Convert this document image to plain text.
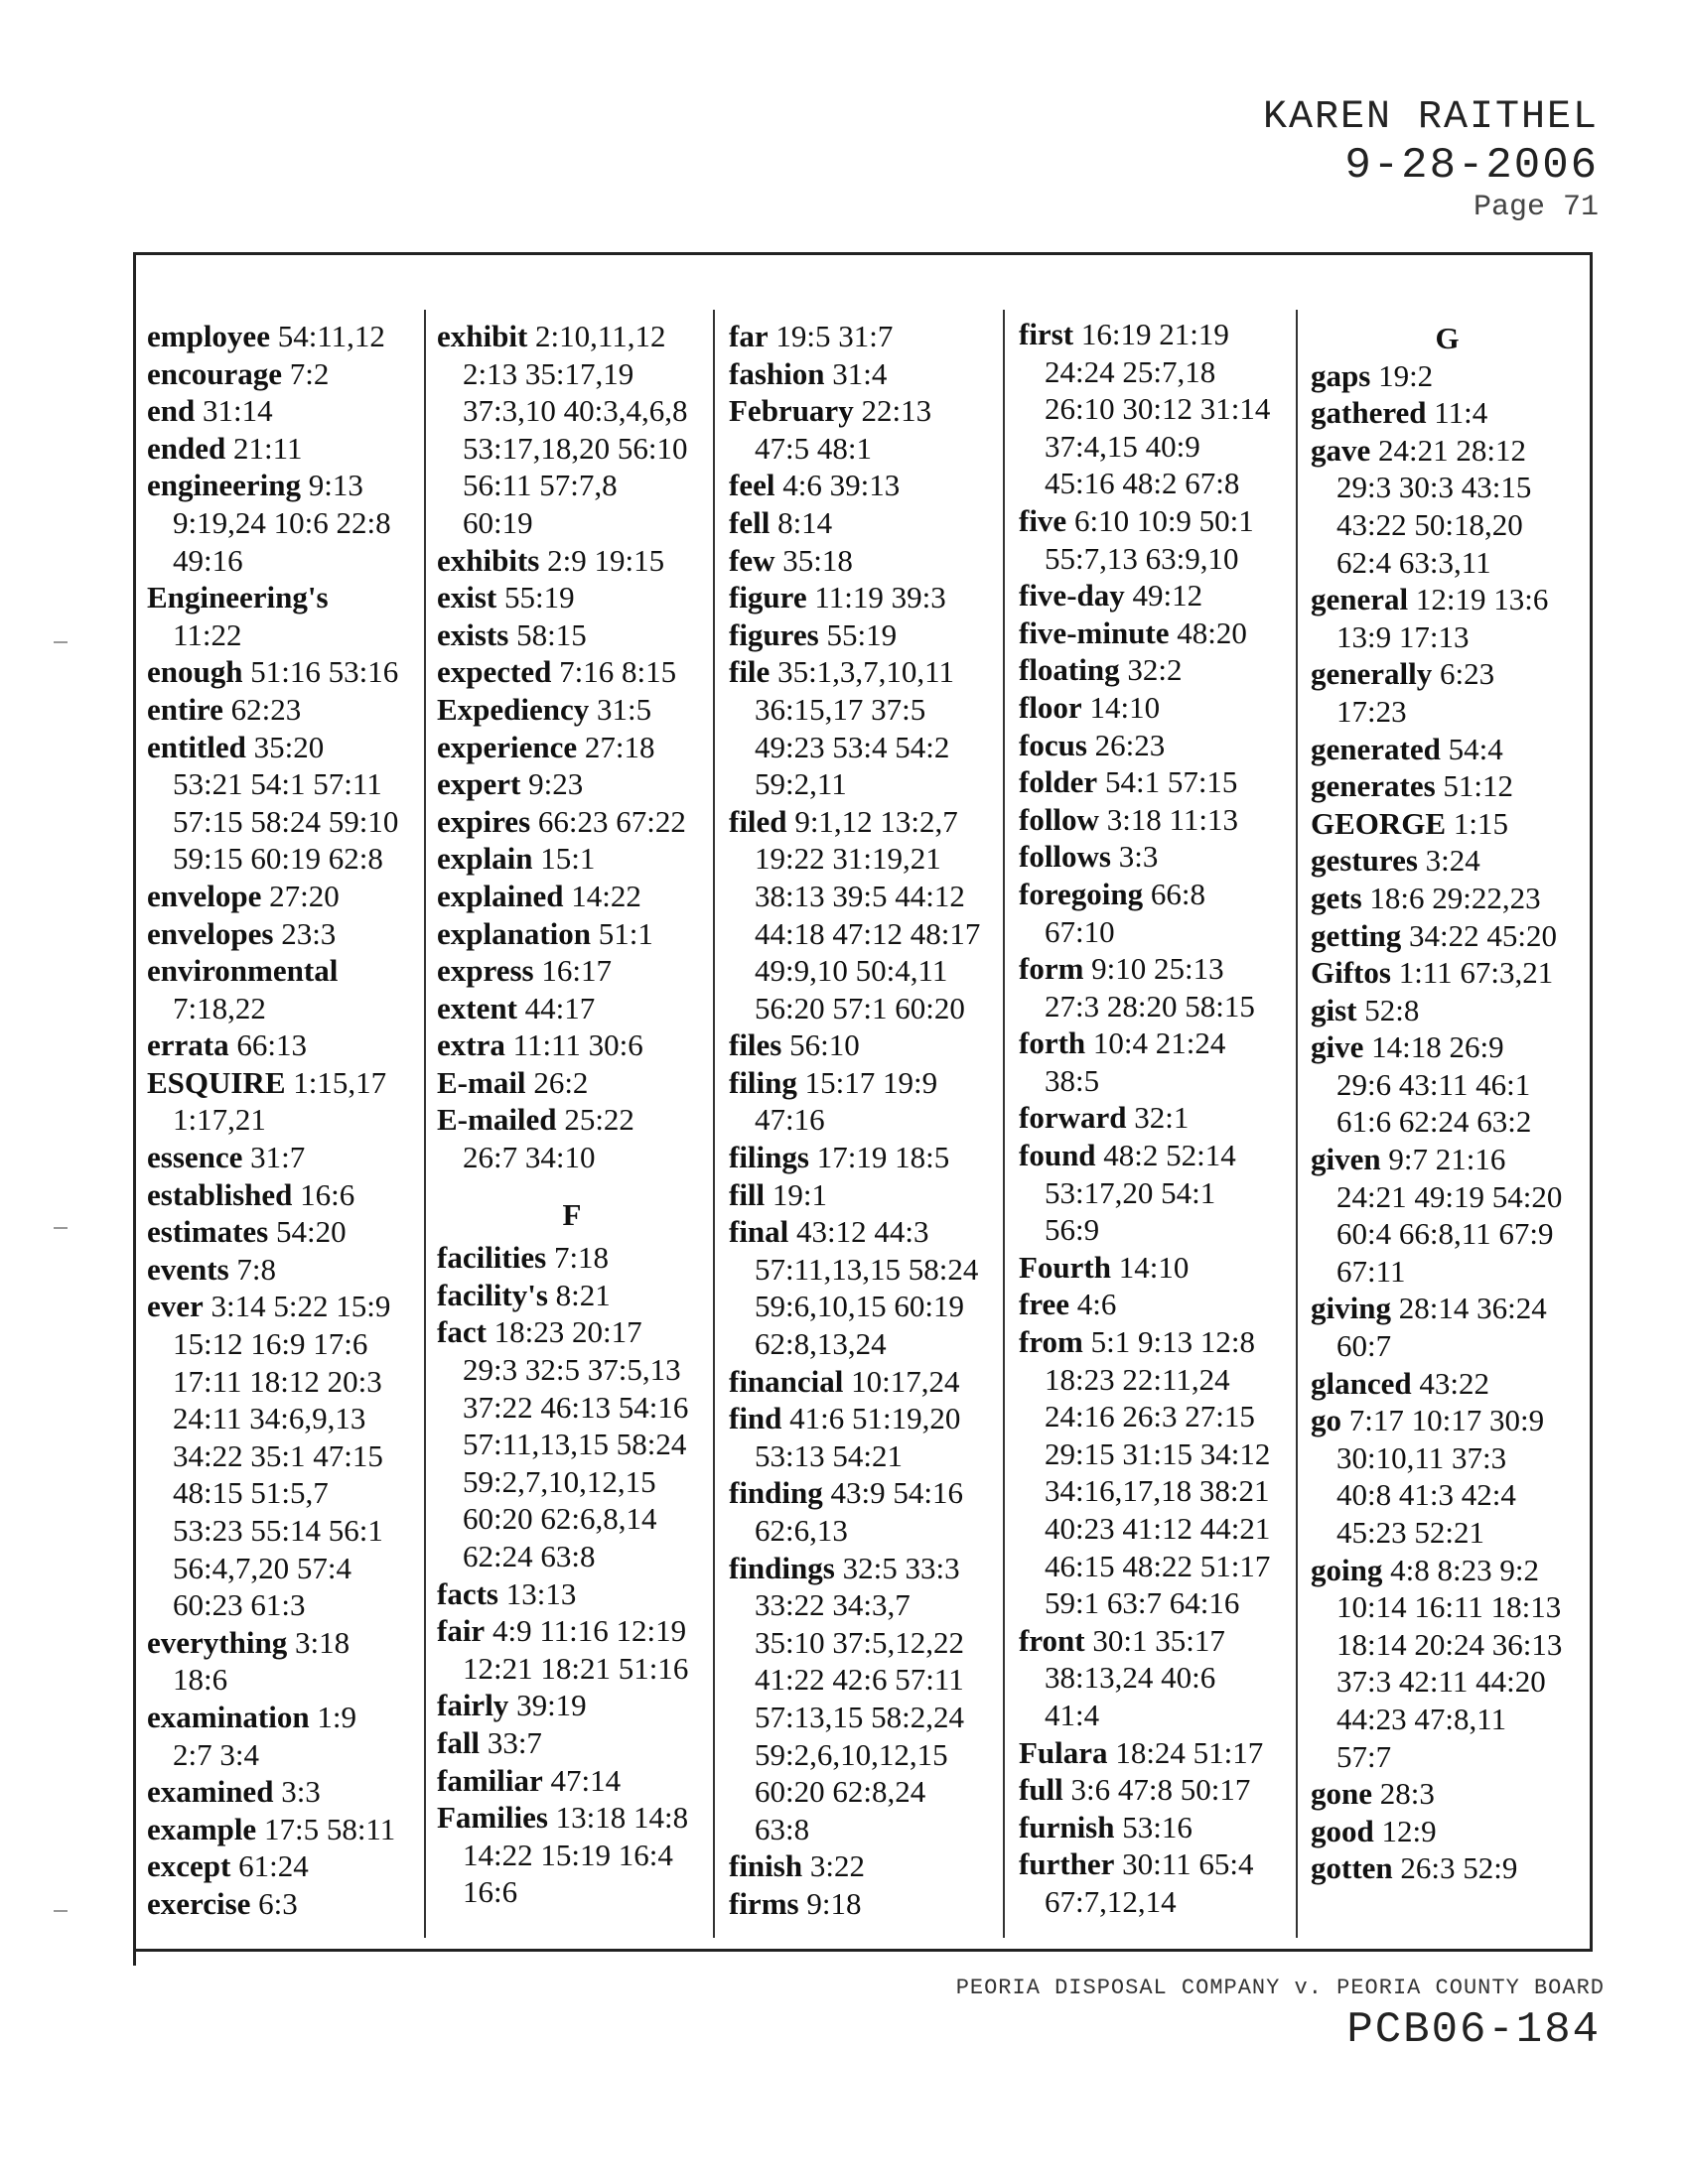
KAREN RAITHEL
9-28-2006
Page 71
employee 54:11,12
encourage 7:2
end 31:14
ended 21:11
engineering 9:13
9:19,24 10:6 22:8
49:16
Engineering's
11:22
enough 51:16 53:16
entire 62:23
entitled 35:20
53:21 54:1 57:11
57:15 58:24 59:10
59:15 60:19 62:8
envelope 27:20
envelopes 23:3
environmental
7:18,22
errata 66:13
ESQUIRE 1:15,17
1:17,21
essence 31:7
established 16:6
estimates 54:20
events 7:8
ever 3:14 5:22 15:9
15:12 16:9 17:6
17:11 18:12 20:3
24:11 34:6,9,13
34:22 35:1 47:15
48:15 51:5,7
53:23 55:14 56:1
56:4,7,20 57:4
60:23 61:3
everything 3:18
18:6
examination 1:9
2:7 3:4
examined 3:3
example 17:5 58:11
except 61:24
exercise 6:3
exhibit 2:10,11,12
2:13 35:17,19
37:3,10 40:3,4,6,8
53:17,18,20 56:10
56:11 57:7,8
60:19
exhibits 2:9 19:15
exist 55:19
exists 58:15
expected 7:16 8:15
Expediency 31:5
experience 27:18
expert 9:23
expires 66:23 67:22
explain 15:1
explained 14:22
explanation 51:1
express 16:17
extent 44:17
extra 11:11 30:6
E-mail 26:2
E-mailed 25:22
26:7 34:10
F
facilities 7:18
facility's 8:21
fact 18:23 20:17
29:3 32:5 37:5,13
37:22 46:13 54:16
57:11,13,15 58:24
59:2,7,10,12,15
60:20 62:6,8,14
62:24 63:8
facts 13:13
fair 4:9 11:16 12:19
12:21 18:21 51:16
fairly 39:19
fall 33:7
familiar 47:14
Families 13:18 14:8
14:22 15:19 16:4
16:6
far 19:5 31:7
fashion 31:4
February 22:13
47:5 48:1
feel 4:6 39:13
fell 8:14
few 35:18
figure 11:19 39:3
figures 55:19
file 35:1,3,7,10,11
36:15,17 37:5
49:23 53:4 54:2
59:2,11
filed 9:1,12 13:2,7
19:22 31:19,21
38:13 39:5 44:12
44:18 47:12 48:17
49:9,10 50:4,11
56:20 57:1 60:20
files 56:10
filing 15:17 19:9
47:16
filings 17:19 18:5
fill 19:1
final 43:12 44:3
57:11,13,15 58:24
59:6,10,15 60:19
62:8,13,24
financial 10:17,24
find 41:6 51:19,20
53:13 54:21
finding 43:9 54:16
62:6,13
findings 32:5 33:3
33:22 34:3,7
35:10 37:5,12,22
41:22 42:6 57:11
57:13,15 58:2,24
59:2,6,10,12,15
60:20 62:8,24
63:8
finish 3:22
firms 9:18
first 16:19 21:19
24:24 25:7,18
26:10 30:12 31:14
37:4,15 40:9
45:16 48:2 67:8
five 6:10 10:9 50:1
55:7,13 63:9,10
five-day 49:12
five-minute 48:20
floating 32:2
floor 14:10
focus 26:23
folder 54:1 57:15
follow 3:18 11:13
follows 3:3
foregoing 66:8
67:10
form 9:10 25:13
27:3 28:20 58:15
forth 10:4 21:24
38:5
forward 32:1
found 48:2 52:14
53:17,20 54:1
56:9
Fourth 14:10
free 4:6
from 5:1 9:13 12:8
18:23 22:11,24
24:16 26:3 27:15
29:15 31:15 34:12
34:16,17,18 38:21
40:23 41:12 44:21
46:15 48:22 51:17
59:1 63:7 64:16
front 30:1 35:17
38:13,24 40:6
41:4
Fulara 18:24 51:17
full 3:6 47:8 50:17
furnish 53:16
further 30:11 65:4
67:7,12,14
G
gaps 19:2
gathered 11:4
gave 24:21 28:12
29:3 30:3 43:15
43:22 50:18,20
62:4 63:3,11
general 12:19 13:6
13:9 17:13
generally 6:23
17:23
generated 54:4
generates 51:12
GEORGE 1:15
gestures 3:24
gets 18:6 29:22,23
getting 34:22 45:20
Giftos 1:11 67:3,21
gist 52:8
give 14:18 26:9
29:6 43:11 46:1
61:6 62:24 63:2
given 9:7 21:16
24:21 49:19 54:20
60:4 66:8,11 67:9
67:11
giving 28:14 36:24
60:7
glanced 43:22
go 7:17 10:17 30:9
30:10,11 37:3
40:8 41:3 42:4
45:23 52:21
going 4:8 8:23 9:2
10:14 16:11 18:13
18:14 20:24 36:13
37:3 42:11 44:20
44:23 47:8,11
57:7
gone 28:3
good 12:9
gotten 26:3 52:9
PEORIA DISPOSAL COMPANY v. PEORIA COUNTY BOARD
PCB06-184
